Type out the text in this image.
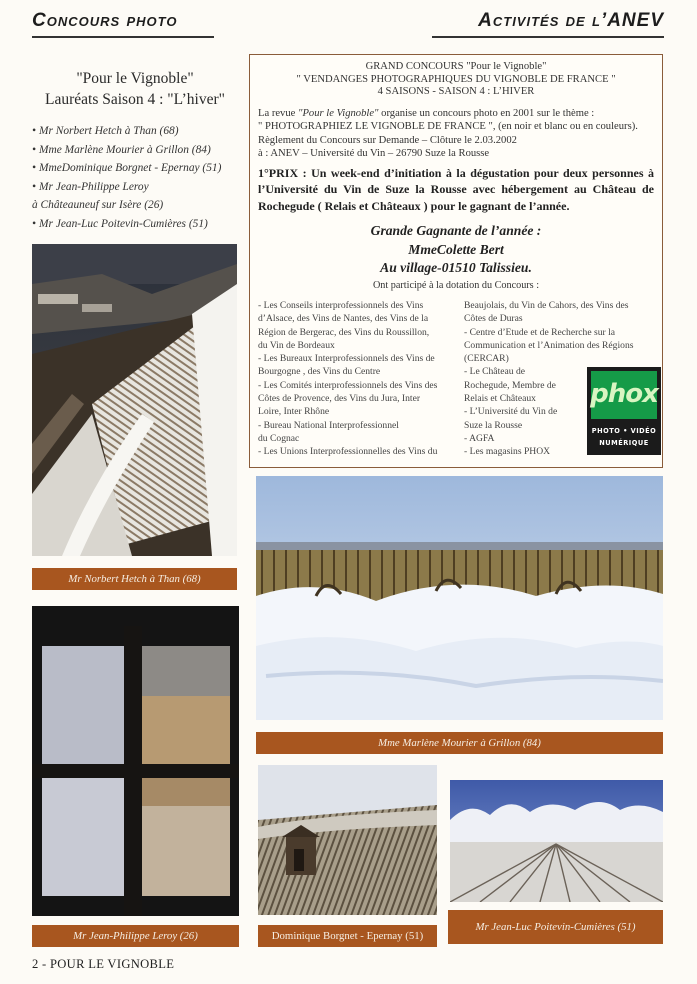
Concours photo	Activités de l’ANEV
"Pour le Vignoble"
Lauréats Saison 4 : "L’hiver"
• Mr Norbert Hetch à Than (68)
• Mme Marlène Mourier à Grillon (84)
• MmeDominique Borgnet - Epernay (51)
• Mr Jean-Philippe Leroy
à Châteauneuf sur Isère (26)
• Mr Jean-Luc Poitevin-Cumières (51)
GRAND CONCOURS "Pour le Vignoble"
" VENDANGES PHOTOGRAPHIQUES DU VIGNOBLE DE FRANCE "
4 SAISONS - SAISON 4 : L’HIVER
La revue "Pour le Vignoble" organise un concours photo en 2001 sur le thème :
" PHOTOGRAPHIEZ LE VIGNOBLE DE FRANCE ", (en noir et blanc ou en couleurs).
Règlement du Concours sur Demande – Clôture le 2.03.2002
à : ANEV – Université du Vin – 26790 Suze la Rousse
1°PRIX : Un week-end d’initiation à la dégustation pour deux personnes à l’Université du Vin de Suze la Rousse avec hébergement au Château de Rochegude ( Relais et Châteaux ) pour le gagnant de l’année.
Grande Gagnante de l’année :
MmeColette Bert
Au village-01510 Talissieu.
Ont participé à la dotation du Concours :
- Les Conseils interprofessionnels des Vins
d’Alsace, des Vins de Nantes, des Vins de la
Région de Bergerac, des Vins du Roussillon,
du Vin de Bordeaux
- Les Bureaux Interprofessionnels des Vins de
Bourgogne , des Vins du Centre
- Les Comités interprofessionnels des Vins des
Côtes de Provence, des Vins du Jura, Inter
Loire, Inter Rhône
- Bureau National Interprofessionnel
du Cognac
- Les Unions Interprofessionnelles des Vins du
Beaujolais, du Vin de Cahors, des Vins des
Côtes de Duras
- Centre d’Etude et de Recherche sur la
Communication et l’Animation des Régions
(CERCAR)
- Le Château de
Rochegude, Membre de
Relais et Châteaux
- L’Université du Vin de
Suze la Rousse
- AGFA
- Les magasins PHOX
phox
PHOTO • VIDÉO
NUMÉRIQUE
Mr Norbert Hetch à Than (68)
Mme Marlène Mourier à Grillon (84)
Mr Jean-Philippe Leroy (26)	Dominique Borgnet - Epernay (51)
Mr Jean-Luc Poitevin-Cumières (51)
2 - POUR LE VIGNOBLE
